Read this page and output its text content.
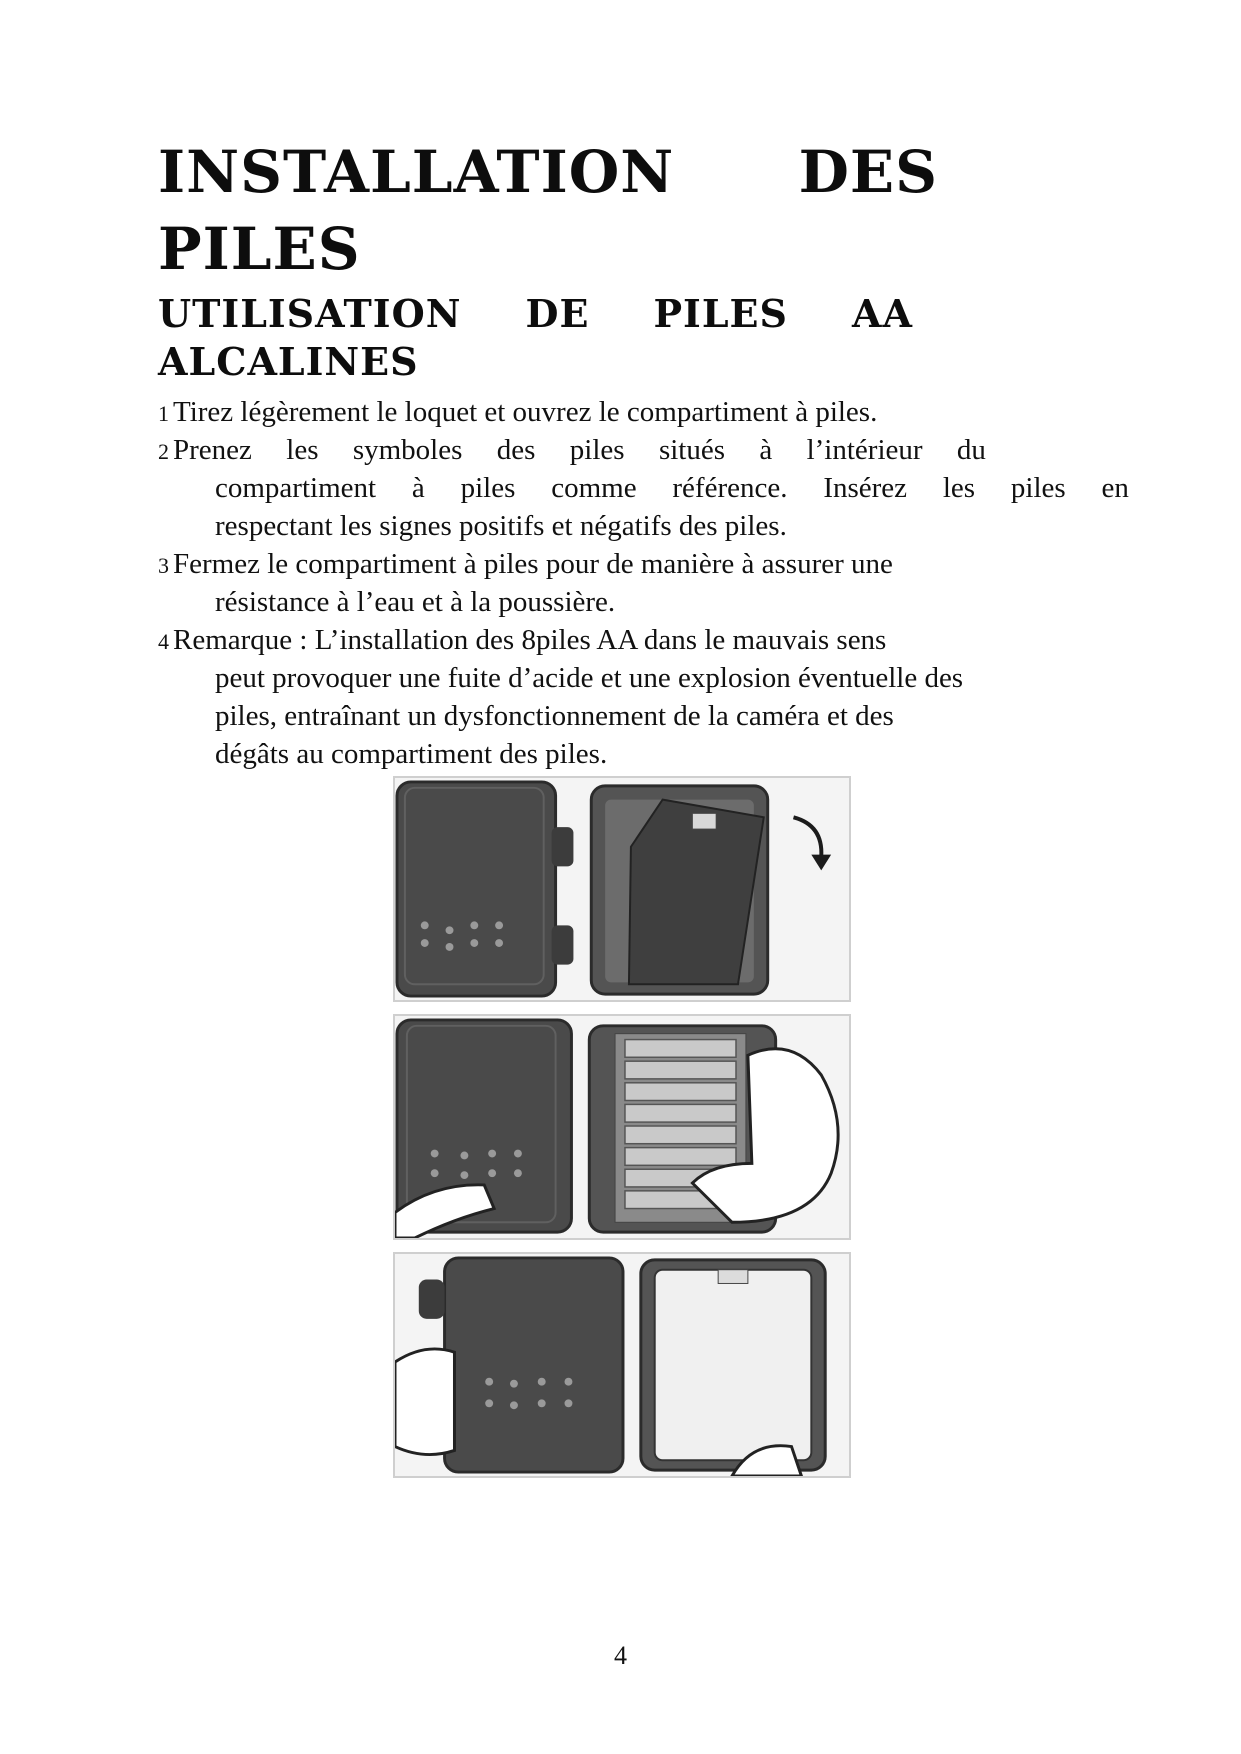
INSTALLATION DES
PILES
UTILISATION DE PILES AA
ALCALINES
1 Tirez légèrement le loquet et ouvrez le compartiment à piles.
2 Prenez les symboles des piles situés à l’intérieur du
compartiment à piles comme référence. Insérez les piles en
respectant les signes positifs et négatifs des piles.
3 Fermez le compartiment à piles pour de manière à assurer une
résistance à l’eau et à la poussière.
4 Remarque : L’installation des 8piles AA dans le mauvais sens
peut provoquer une fuite d’acide et une explosion éventuelle des
piles, entraînant un dysfonctionnement de la caméra et des
dégâts au compartiment des piles.
4
